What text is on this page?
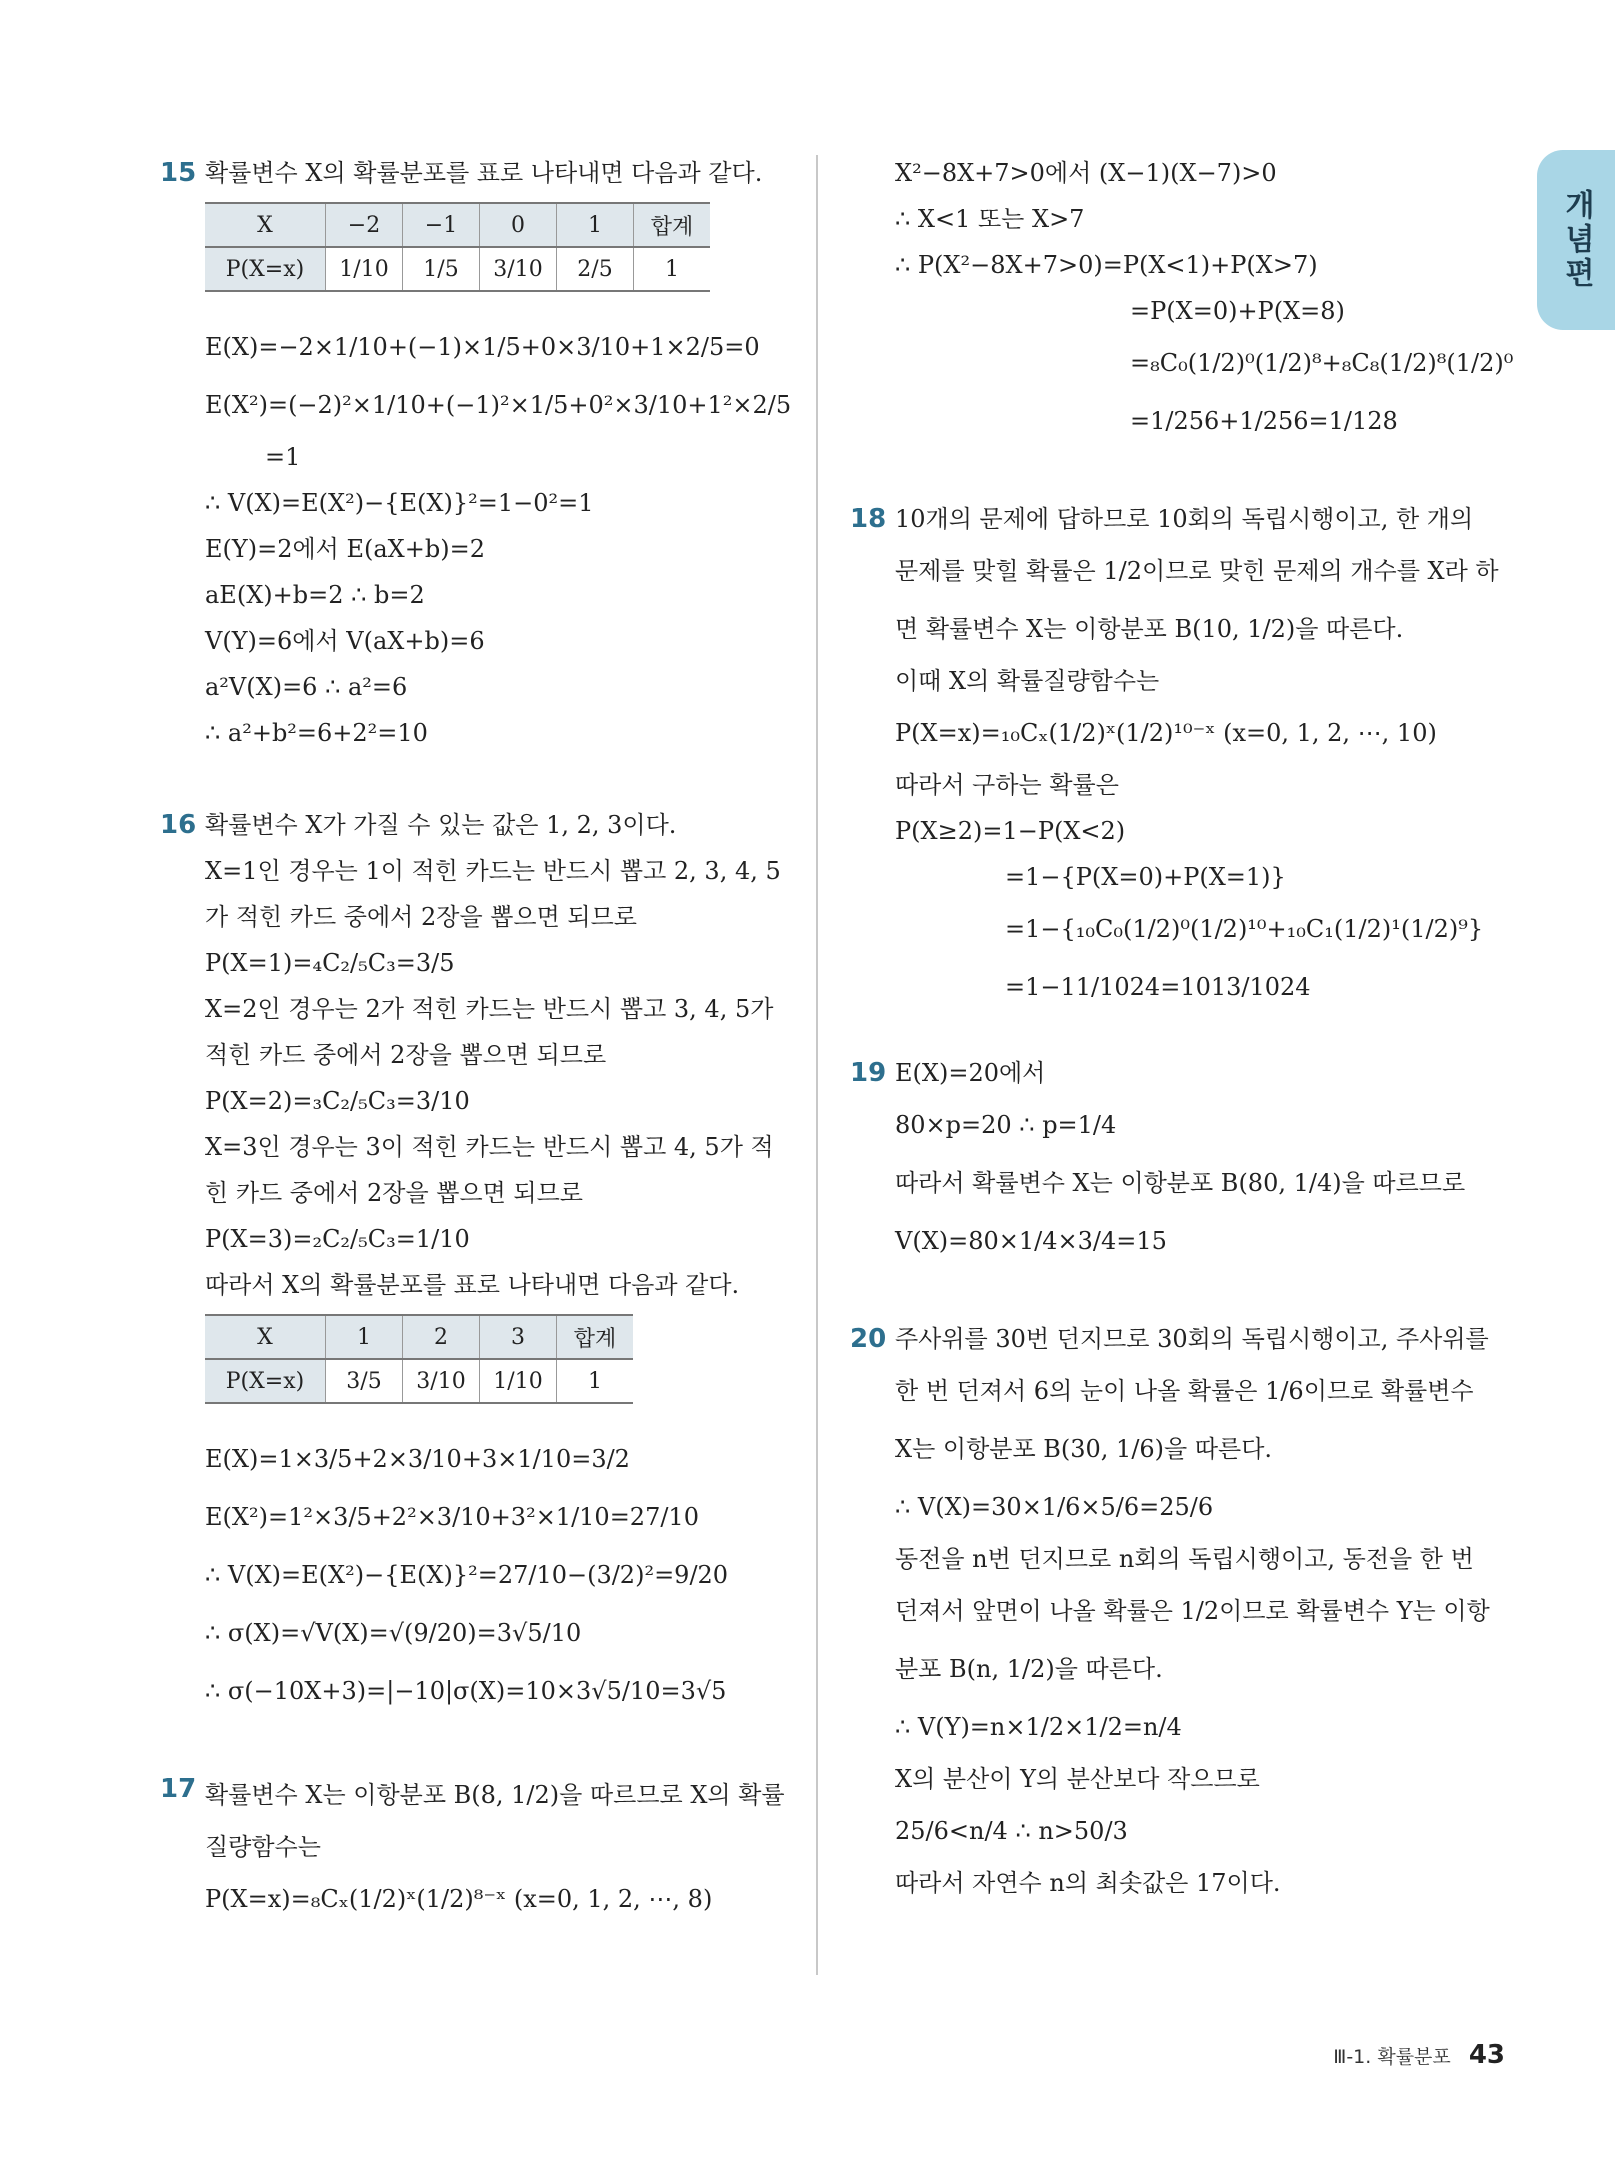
개념편
15 확률변수 X의 확률분포를 표로 나타내면 다음과 같다.
X	−2	−1	0	1	합계
P(X=x)	1/10	1/5	3/10	2/5	1
E(X)=−2×1/10+(−1)×1/5+0×3/10+1×2/5=0
E(X²)=(−2)²×1/10+(−1)²×1/5+0²×3/10+1²×2/5
=1
∴ V(X)=E(X²)−{E(X)}²=1−0²=1
E(Y)=2에서 E(aX+b)=2
aE(X)+b=2 ∴ b=2
V(Y)=6에서 V(aX+b)=6
a²V(X)=6 ∴ a²=6
∴ a²+b²=6+2²=10
16 확률변수 X가 가질 수 있는 값은 1, 2, 3이다.
X=1인 경우는 1이 적힌 카드는 반드시 뽑고 2, 3, 4, 5
가 적힌 카드 중에서 2장을 뽑으면 되므로
P(X=1)=₄C₂/₅C₃=3/5
X=2인 경우는 2가 적힌 카드는 반드시 뽑고 3, 4, 5가
적힌 카드 중에서 2장을 뽑으면 되므로
P(X=2)=₃C₂/₅C₃=3/10
X=3인 경우는 3이 적힌 카드는 반드시 뽑고 4, 5가 적
힌 카드 중에서 2장을 뽑으면 되므로
P(X=3)=₂C₂/₅C₃=1/10
따라서 X의 확률분포를 표로 나타내면 다음과 같다.
X	1	2	3	합계
P(X=x)	3/5	3/10	1/10	1
E(X)=1×3/5+2×3/10+3×1/10=3/2
E(X²)=1²×3/5+2²×3/10+3²×1/10=27/10
∴ V(X)=E(X²)−{E(X)}²=27/10−(3/2)²=9/20
∴ σ(X)=√V(X)=√(9/20)=3√5/10
∴ σ(−10X+3)=|−10|σ(X)=10×3√5/10=3√5
17 확률변수 X는 이항분포 B(8, 1/2)을 따르므로 X의 확률
질량함수는
P(X=x)=₈Cₓ(1/2)ˣ(1/2)⁸⁻ˣ (x=0, 1, 2, ⋯, 8)
X²−8X+7>0에서 (X−1)(X−7)>0
∴ X<1 또는 X>7
∴ P(X²−8X+7>0)=P(X<1)+P(X>7)
=P(X=0)+P(X=8)
=₈C₀(1/2)⁰(1/2)⁸+₈C₈(1/2)⁸(1/2)⁰
=1/256+1/256=1/128
18 10개의 문제에 답하므로 10회의 독립시행이고, 한 개의
문제를 맞힐 확률은 1/2이므로 맞힌 문제의 개수를 X라 하
면 확률변수 X는 이항분포 B(10, 1/2)을 따른다.
이때 X의 확률질량함수는
P(X=x)=₁₀Cₓ(1/2)ˣ(1/2)¹⁰⁻ˣ (x=0, 1, 2, ⋯, 10)
따라서 구하는 확률은
P(X≥2)=1−P(X<2)
=1−{P(X=0)+P(X=1)}
=1−{₁₀C₀(1/2)⁰(1/2)¹⁰+₁₀C₁(1/2)¹(1/2)⁹}
=1−11/1024=1013/1024
19 E(X)=20에서
80×p=20 ∴ p=1/4
따라서 확률변수 X는 이항분포 B(80, 1/4)을 따르므로
V(X)=80×1/4×3/4=15
20 주사위를 30번 던지므로 30회의 독립시행이고, 주사위를
한 번 던져서 6의 눈이 나올 확률은 1/6이므로 확률변수
X는 이항분포 B(30, 1/6)을 따른다.
∴ V(X)=30×1/6×5/6=25/6
동전을 n번 던지므로 n회의 독립시행이고, 동전을 한 번
던져서 앞면이 나올 확률은 1/2이므로 확률변수 Y는 이항
분포 B(n, 1/2)을 따른다.
∴ V(Y)=n×1/2×1/2=n/4
X의 분산이 Y의 분산보다 작으므로
25/6<n/4 ∴ n>50/3
따라서 자연수 n의 최솟값은 17이다.
Ⅲ-1. 확률분포 43
